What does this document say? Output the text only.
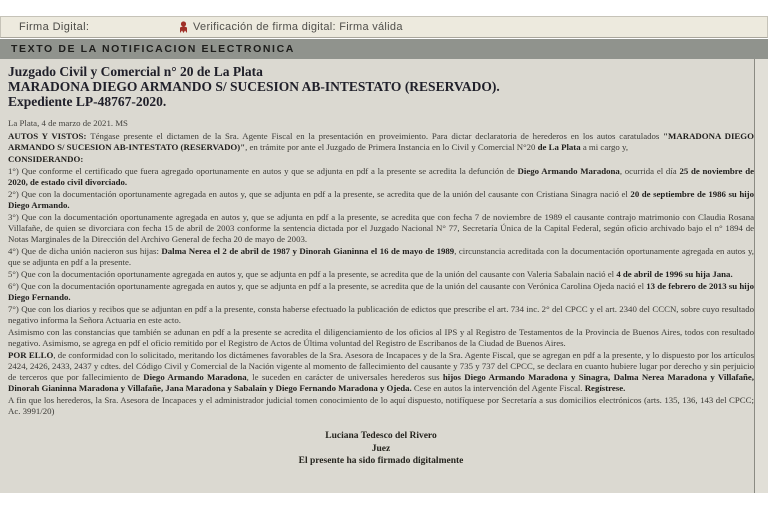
Firma Digital:	Verificación de firma digital: Firma válida
TEXTO DE LA NOTIFICACION ELECTRONICA
Juzgado Civil y Comercial n° 20 de La Plata
MARADONA DIEGO ARMANDO S/ SUCESION AB-INTESTATO (RESERVADO).
Expediente LP-48767-2020.
La Plata, 4 de marzo de 2021. MS

AUTOS Y VISTOS: Téngase presente el dictamen de la Sra. Agente Fiscal en la presentación en proveimiento. Para dictar declaratoria de herederos en los autos caratulados "MARADONA DIEGO ARMANDO S/ SUCESION AB-INTESTATO (RESERVADO)", en trámite por ante el Juzgado de Primera Instancia en lo Civil y Comercial N°20 de La Plata a mi cargo y,

CONSIDERANDO:

1°) Que conforme el certificado que fuera agregado oportunamente en autos y que se adjunta en pdf a la presente se acredita la defunción de Diego Armando Maradona, ocurrida el día 25 de noviembre de 2020, de estado civil divorciado.

2°) Que con la documentación oportunamente agregada en autos y, que se adjunta en pdf a la presente, se acredita que de la unión del causante con Cristiana Sinagra nació el 20 de septiembre de 1986 su hijo Diego Armando.

3°) Que con la documentación oportunamente agregada en autos y, que se adjunta en pdf a la presente, se acredita que con fecha 7 de noviembre de 1989 el causante contrajo matrimonio con Claudia Rosana Villafañe, de quien se divorciara con fecha 15 de abril de 2003 conforme la sentencia dictada por el Juzgado Nacional N° 77, Secretaría Única de la Capital Federal, según oficio archivado bajo el n° 1894 de Notas Marginales de la Dirección del Archivo General de fecha 20 de mayo de 2003.

4°) Que de dicha unión nacieron sus hijas: Dalma Nerea el 2 de abril de 1987 y Dinorah Gianinna el 16 de mayo de 1989, circunstancia acreditada con la documentación oportunamente agregada en autos y, que se adjunta en pdf a la presente.

5°) Que con la documentación oportunamente agregada en autos y, que se adjunta en pdf a la presente, se acredita que de la unión del causante con Valeria Sabalain nació el 4 de abril de 1996 su hija Jana.

6°) Que con la documentación oportunamente agregada en autos y, que se adjunta en pdf a la presente, se acredita que de la unión del causante con Verónica Carolina Ojeda nació el 13 de febrero de 2013 su hijo Diego Fernando.

7°) Que con los diarios y recibos que se adjuntan en pdf a la presente, consta haberse efectuado la publicación de edictos que prescribe el art. 734 inc. 2° del CPCC y el art. 2340 del CCCN, sobre cuyo resultado negativo informa la Señora Actuaria en este acto.

Asimismo con las constancias que también se adunan en pdf a la presente se acredita el diligenciamiento de los oficios al IPS y al Registro de Testamentos de la Provincia de Buenos Aires, todos con resultado negativo. Asimismo, se agrega en pdf el oficio remitido por el Registro de Actos de Última voluntad del Registro de Escribanos de la Ciudad de Buenos Aires.

POR ELLO, de conformidad con lo solicitado, meritando los dictámenes favorables de la Sra. Asesora de Incapaces y de la Sra. Agente Fiscal, que se agregan en pdf a la presente, y lo dispuesto por los artículos 2424, 2426, 2433, 2437 y cdtes. del Código Civil y Comercial de la Nación vigente al momento de fallecimiento del causante y 735 y 737 del CPCC, se declara en cuanto hubiere lugar por derecho y sin perjuicio de terceros que por fallecimiento de Diego Armando Maradona, le suceden en carácter de universales herederos sus hijos Diego Armando Maradona y Sinagra, Dalma Nerea Maradona y Villafañe, Dinorah Gianinna Maradona y Villafañe, Jana Maradona y Sabalaín y Diego Fernando Maradona y Ojeda. Cese en autos la intervención del Agente Fiscal. Regístrese.

A fin que los herederos, la Sra. Asesora de Incapaces y el administrador judicial tomen conocimiento de lo aquí dispuesto, notifíquese por Secretaría a sus domicilios electrónicos (arts. 135, 136, 143 del CPCC; Ac. 3991/20)

Luciana Tedesco del Rivero
Juez
El presente ha sido firmado digitalmente
